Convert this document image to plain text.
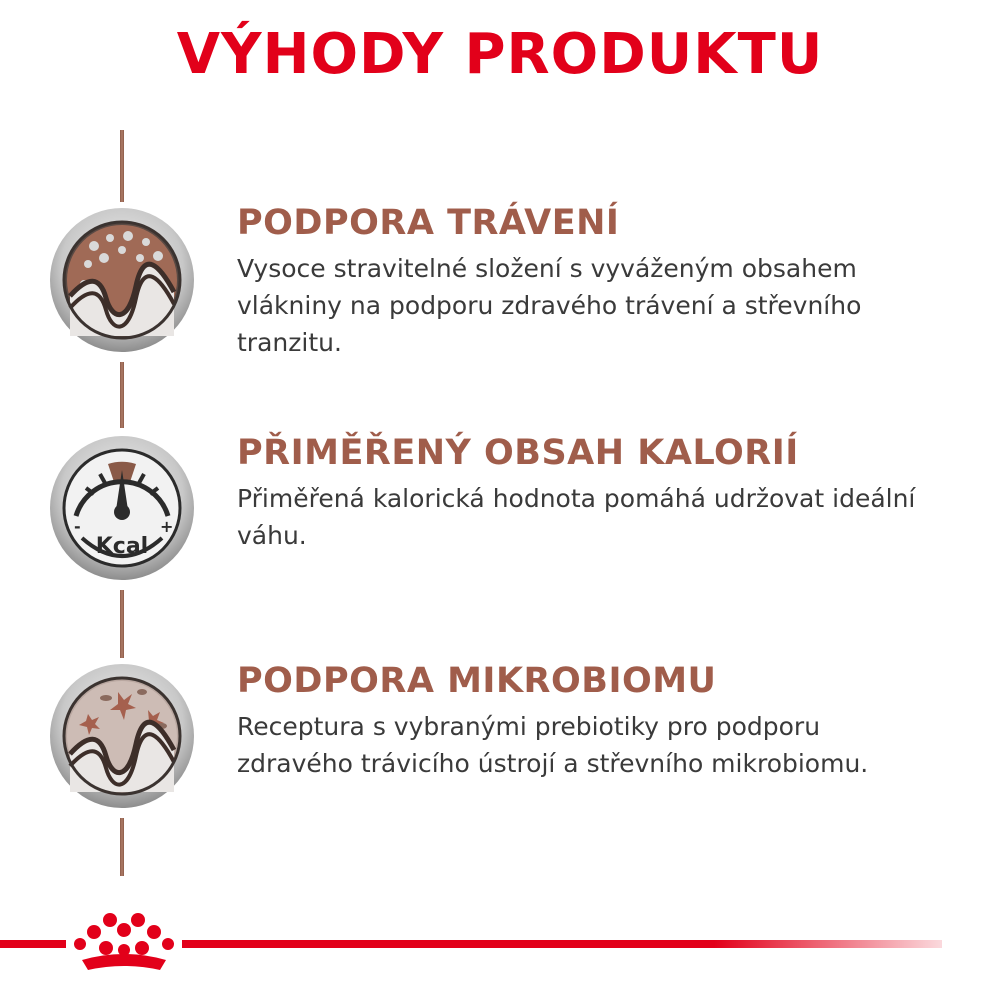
VÝHODY PRODUKTU
PODPORA TRÁVENÍ

Vysoce stravitelné složení s vyváženým obsahem
vlákniny na podporu zdravého trávení a střevního
tranzitu.

-	+
Kcal
PŘIMĚŘENÝ OBSAH KALORIÍ

Přiměřená kalorická hodnota pomáhá udržovat ideální
váhu.

PODPORA MIKROBIOMU

Receptura s vybranými prebiotiky pro podporu
zdravého trávicího ústrojí a střevního mikrobiomu.
